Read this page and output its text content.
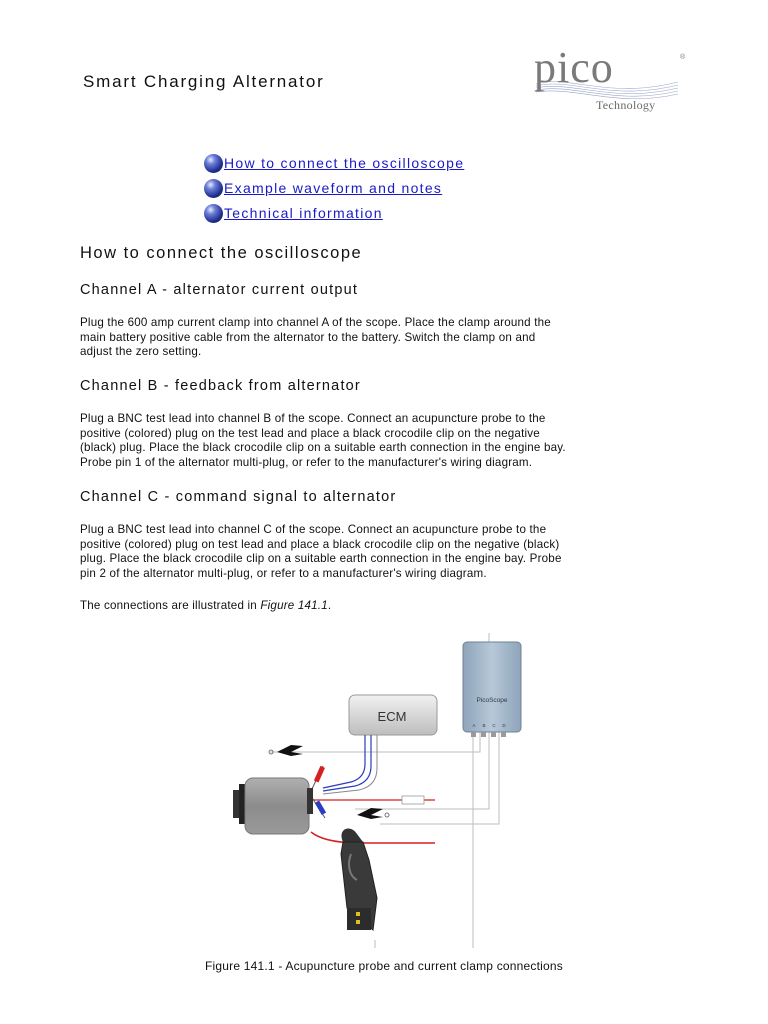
Smart Charging Alternator	pico	®
Technology
How to connect the oscilloscope
Example waveform and notes
Technical information
How to connect the oscilloscope
Channel A - alternator current output
Plug the 600 amp current clamp into channel A of the scope. Place the clamp around the
main battery positive cable from the alternator to the battery. Switch the clamp on and
adjust the zero setting.
Channel B - feedback from alternator
Plug a BNC test lead into channel B of the scope. Connect an acupuncture probe to the
positive (colored) plug on the test lead and place a black crocodile clip on the negative
(black) plug. Place the black crocodile clip on a suitable earth connection in the engine bay.
Probe pin 1 of the alternator multi-plug, or refer to the manufacturer's wiring diagram.
Channel C - command signal to alternator
Plug a BNC test lead into channel C of the scope. Connect an acupuncture probe to the
positive (colored) plug on test lead and place a black crocodile clip on the negative (black)
plug. Place the black crocodile clip on a suitable earth connection in the engine bay. Probe
pin 2 of the alternator multi-plug, or refer to a manufacturer's wiring diagram.
The connections are illustrated in Figure 141.1.
PicoScope
A B C D
ECM
Figure 141.1 - Acupuncture probe and current clamp connections
